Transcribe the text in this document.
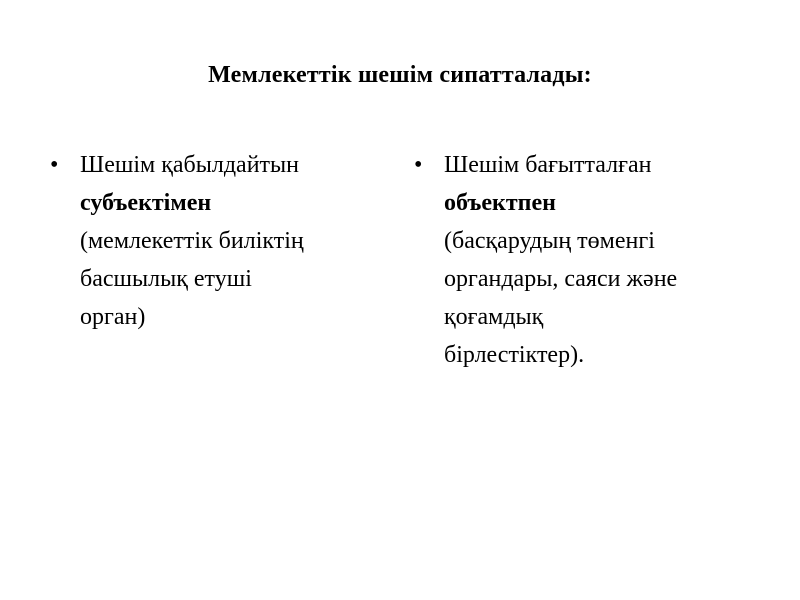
Мемлекеттік шешім сипатталады:
• Шешім қабылдайтын
субъектімен
(мемлекеттік биліктің
басшылық етуші
орган)
• Шешім бағытталған
объектпен
(басқарудың төменгі
органдары, саяси және
қоғамдық
бірлестіктер).
